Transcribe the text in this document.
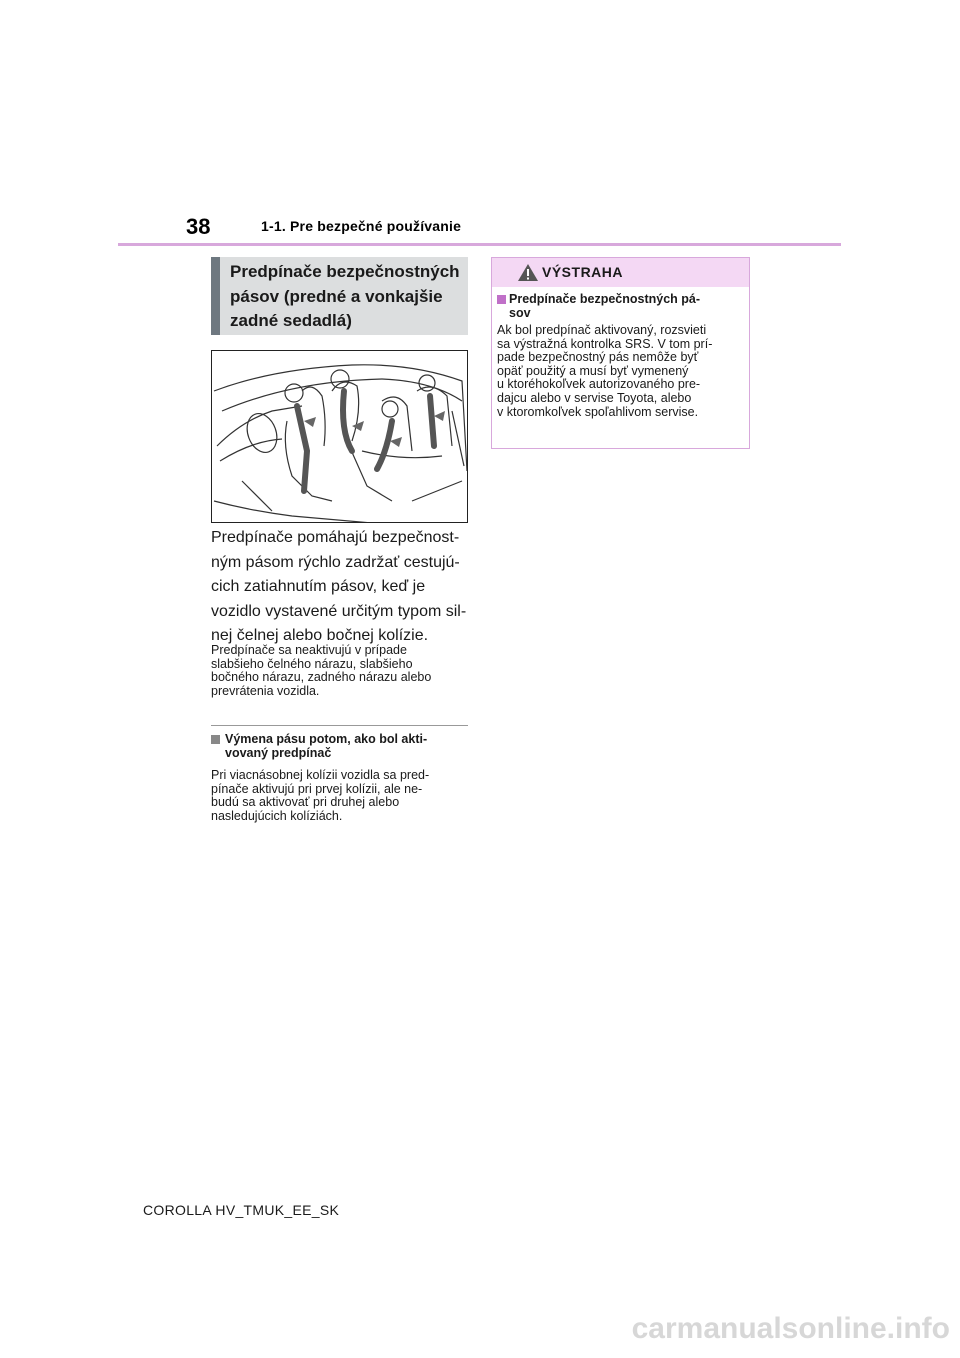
38	1-1. Pre bezpečné používanie
Predpínače bezpečnostných
pásov (predné a vonkajšie
zadné sedadlá)
Predpínače pomáhajú bezpečnost-
ným pásom rýchlo zadržať cestujú-
cich zatiahnutím pásov, keď je
vozidlo vystavené určitým typom sil-
nej čelnej alebo bočnej kolízie.
Predpínače sa neaktivujú v prípade
slabšieho čelného nárazu, slabšieho
bočného nárazu, zadného nárazu alebo
prevrátenia vozidla.
Výmena pásu potom, ako bol akti-
vovaný predpínač
Pri viacnásobnej kolízii vozidla sa pred-
pínače aktivujú pri prvej kolízii, ale ne-
budú sa aktivovať pri druhej alebo
nasledujúcich kolíziách.
VÝSTRAHA
Predpínače bezpečnostných pá-
sov
Ak bol predpínač aktivovaný, rozsvieti
sa výstražná kontrolka SRS. V tom prí-
pade bezpečnostný pás nemôže byť
opäť použitý a musí byť vymenený
u ktoréhokoľvek autorizovaného pre-
dajcu alebo v servise Toyota, alebo
v ktoromkoľvek spoľahlivom servise.
COROLLA HV_TMUK_EE_SK
carmanualsonline.info
